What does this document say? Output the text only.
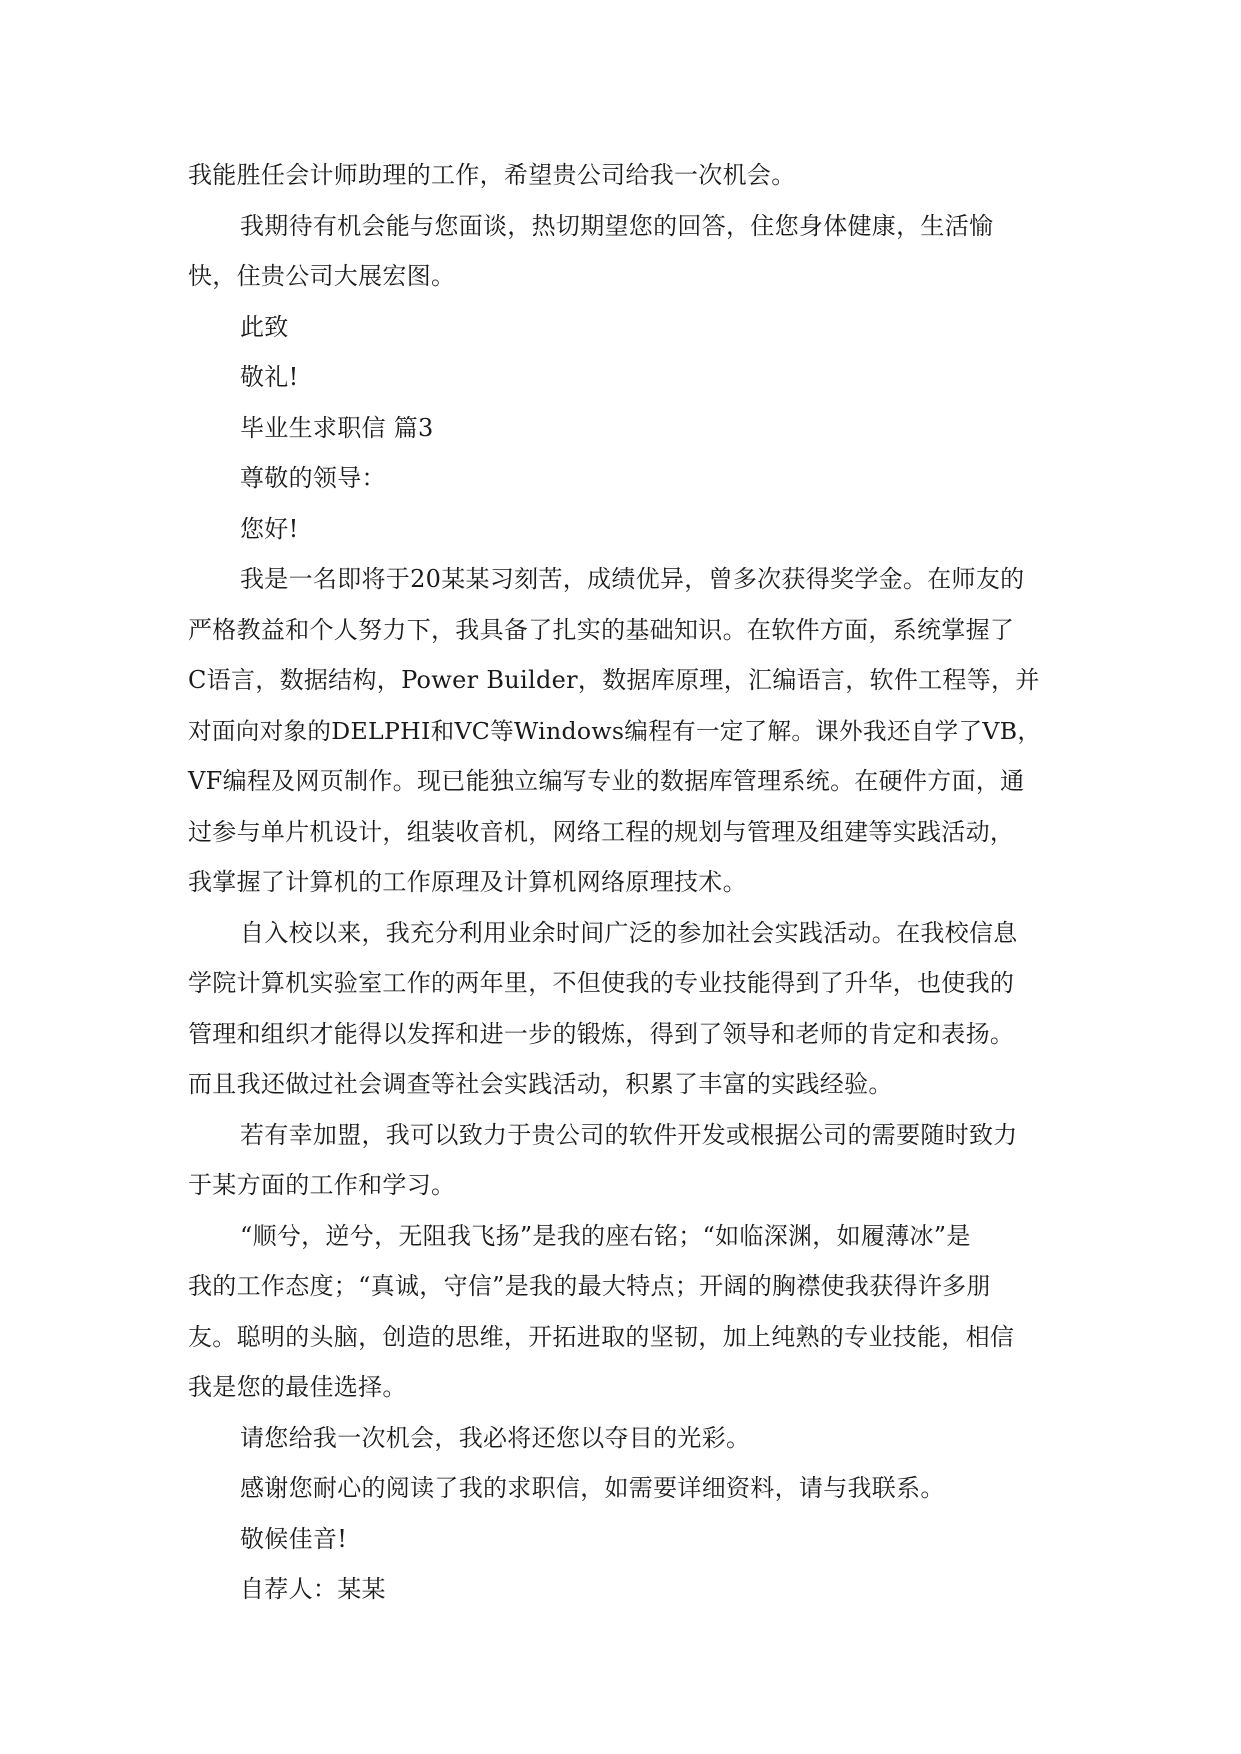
我能胜任会计师助理的工作，希望贵公司给我一次机会。
我期待有机会能与您面谈，热切期望您的回答，住您身体健康，生活愉
快，住贵公司大展宏图。
此致
敬礼!
毕业生求职信 篇3
尊敬的领导：
您好!
我是一名即将于20某某习刻苦，成绩优异，曾多次获得奖学金。在师友的
严格教益和个人努力下，我具备了扎实的基础知识。在软件方面，系统掌握了
C语言，数据结构，Power Builder，数据库原理，汇编语言，软件工程等，并
对面向对象的DELPHI和VC等Windows编程有一定了解。课外我还自学了VB，
VF编程及网页制作。现已能独立编写专业的数据库管理系统。在硬件方面，通
过参与单片机设计，组装收音机，网络工程的规划与管理及组建等实践活动，
我掌握了计算机的工作原理及计算机网络原理技术。
自入校以来，我充分利用业余时间广泛的参加社会实践活动。在我校信息
学院计算机实验室工作的两年里，不但使我的专业技能得到了升华，也使我的
管理和组织才能得以发挥和进一步的锻炼，得到了领导和老师的肯定和表扬。
而且我还做过社会调查等社会实践活动，积累了丰富的实践经验。
若有幸加盟，我可以致力于贵公司的软件开发或根据公司的需要随时致力
于某方面的工作和学习。
“顺兮，逆兮，无阻我飞扬”是我的座右铭；“如临深渊，如履薄冰”是
我的工作态度；“真诚，守信”是我的最大特点；开阔的胸襟使我获得许多朋
友。聪明的头脑，创造的思维，开拓进取的坚韧，加上纯熟的专业技能，相信
我是您的最佳选择。
请您给我一次机会，我必将还您以夺目的光彩。
感谢您耐心的阅读了我的求职信，如需要详细资料，请与我联系。
敬候佳音!
自荐人：某某
